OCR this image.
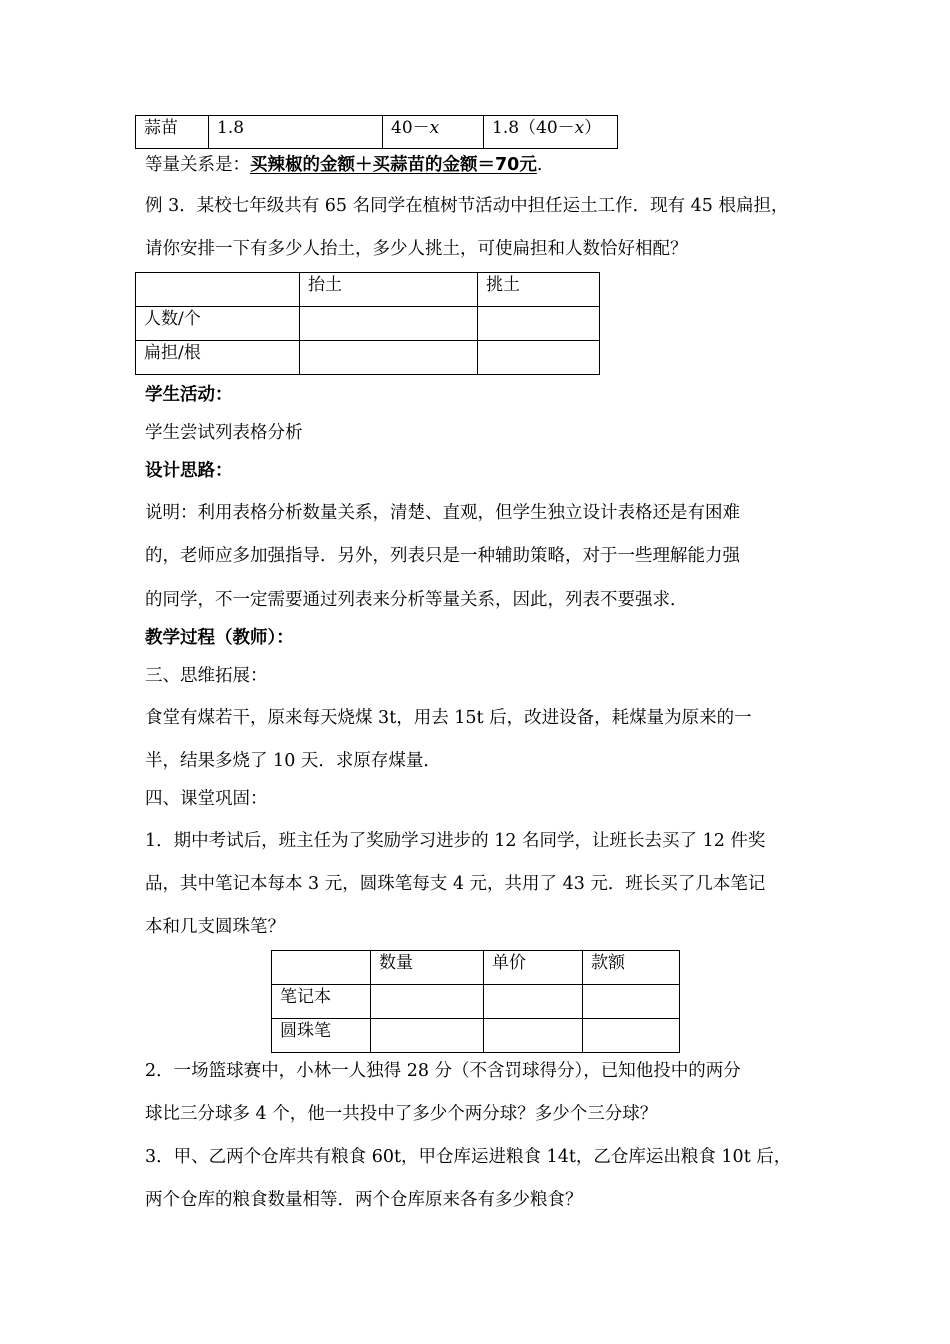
蒜苗	1.8	40－x	1.8（40－x）
等量关系是：买辣椒的金额＋买蒜苗的金额＝70元.
例 3．某校七年级共有 65 名同学在植树节活动中担任运土工作．现有 45 根扁担，
请你安排一下有多少人抬土，多少人挑土，可使扁担和人数恰好相配？
	抬土	挑土
人数/个		
扁担/根		
学生活动：
学生尝试列表格分析
设计思路：
说明：利用表格分析数量关系，清楚、直观，但学生独立设计表格还是有困难
的，老师应多加强指导．另外，列表只是一种辅助策略，对于一些理解能力强
的同学，不一定需要通过列表来分析等量关系，因此，列表不要强求．
教学过程（教师）：
三、思维拓展：
食堂有煤若干，原来每天烧煤 3t，用去 15t 后，改进设备，耗煤量为原来的一
半，结果多烧了 10 天．求原存煤量．
四、课堂巩固：
1．期中考试后，班主任为了奖励学习进步的 12 名同学，让班长去买了 12 件奖
品，其中笔记本每本 3 元，圆珠笔每支 4 元，共用了 43 元．班长买了几本笔记
本和几支圆珠笔？
	数量	单价	款额
笔记本			
圆珠笔			
2．一场篮球赛中，小林一人独得 28 分（不含罚球得分），已知他投中的两分
球比三分球多 4 个，他一共投中了多少个两分球？多少个三分球？
3．甲、乙两个仓库共有粮食 60t，甲仓库运进粮食 14t，乙仓库运出粮食 10t 后，
两个仓库的粮食数量相等．两个仓库原来各有多少粮食？
